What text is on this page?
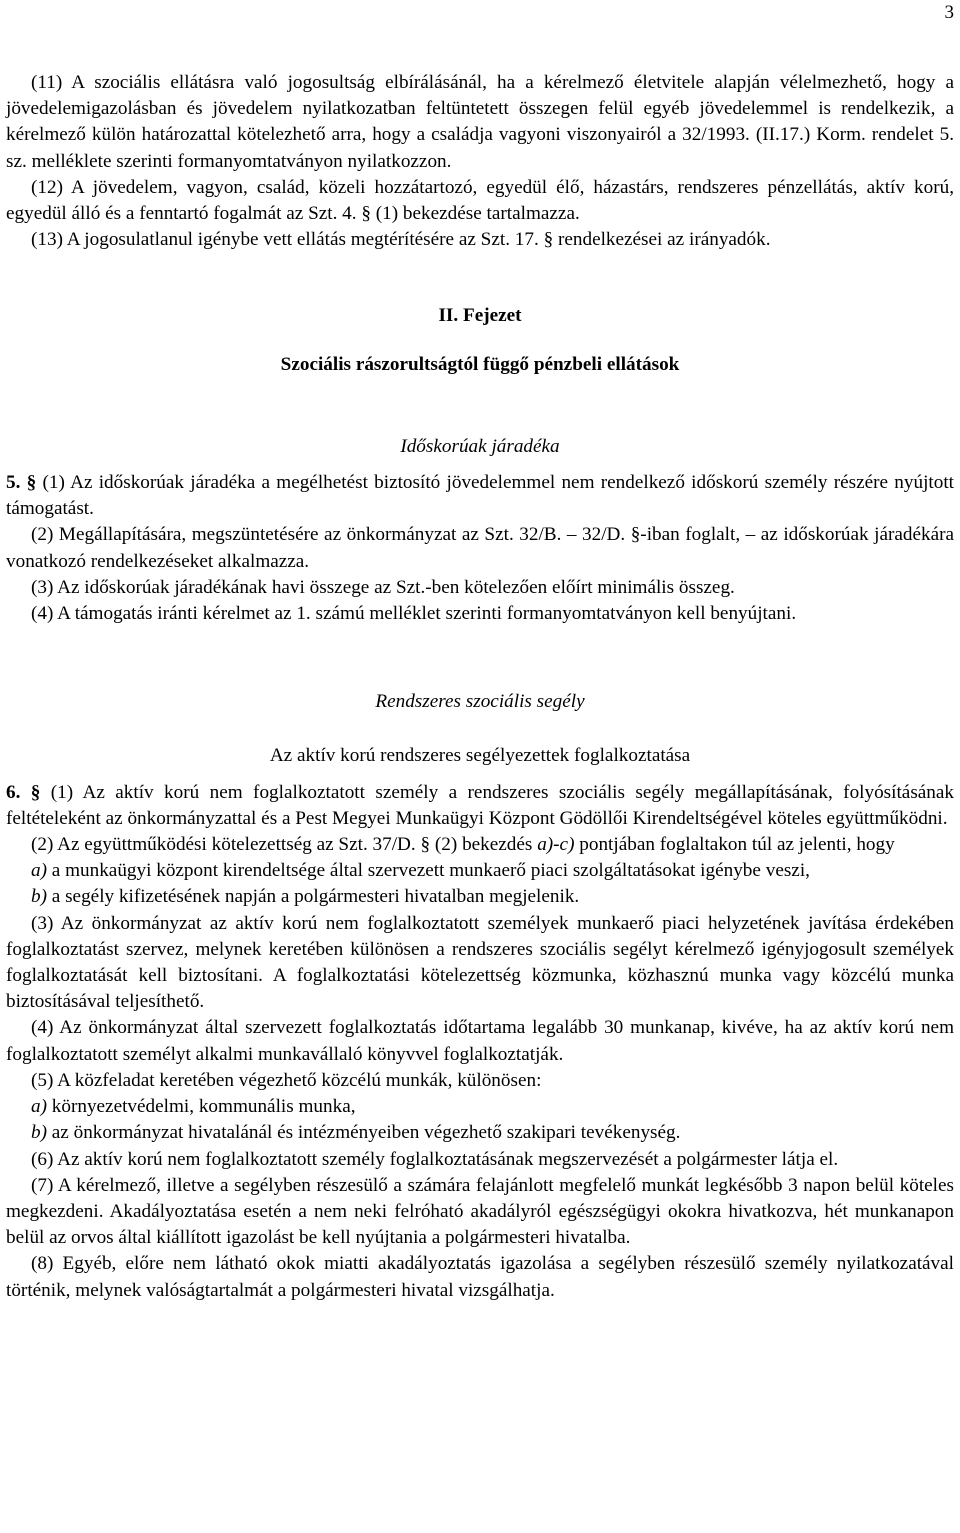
3

(11) A szociális ellátásra való jogosultság elbírálásánál, ha a kérelmező életvitele alapján vélelmezhető, hogy a jövedelemigazolásban és jövedelem nyilatkozatban feltüntetett összegen felül egyéb jövedelemmel is rendelkezik, a kérelmező külön határozattal kötelezhető arra, hogy a családja vagyoni viszonyairól a 32/1993. (II.17.) Korm. rendelet 5. sz. melléklete szerinti formanyomtatványon nyilatkozzon.

(12) A jövedelem, vagyon, család, közeli hozzátartozó, egyedül élő, házastárs, rendszeres pénzellátás, aktív korú, egyedül álló és a fenntartó fogalmát az Szt. 4. § (1) bekezdése tartalmazza.

(13) A jogosulatlanul igénybe vett ellátás megtérítésére az Szt. 17. § rendelkezései az irányadók.

II. Fejezet

Szociális rászorultságtól függő pénzbeli ellátások

Időskorúak járadéka

5. § (1) Az időskorúak járadéka a megélhetést biztosító jövedelemmel nem rendelkező időskorú személy részére nyújtott támogatást.

(2) Megállapítására, megszüntetésére az önkormányzat az Szt. 32/B. – 32/D. §-iban foglalt, – az időskorúak járadékára vonatkozó rendelkezéseket alkalmazza.

(3) Az időskorúak járadékának havi összege az Szt.-ben kötelezően előírt minimális összeg.

(4) A támogatás iránti kérelmet az 1. számú melléklet szerinti formanyomtatványon kell benyújtani.

Rendszeres szociális segély

Az aktív korú rendszeres segélyezettek foglalkoztatása

6. § (1) Az aktív korú nem foglalkoztatott személy a rendszeres szociális segély megállapításának, folyósításának feltételeként az önkormányzattal és a Pest Megyei Munkaügyi Központ Gödöllői Kirendeltségével köteles együttműködni.

(2) Az együttműködési kötelezettség az Szt. 37/D. § (2) bekezdés a)-c) pontjában foglaltakon túl az jelenti, hogy

a) a munkaügyi központ kirendeltsége által szervezett munkaerő piaci szolgáltatásokat igénybe veszi,

b) a segély kifizetésének napján a polgármesteri hivatalban megjelenik.

(3) Az önkormányzat az aktív korú nem foglalkoztatott személyek munkaerő piaci helyzetének javítása érdekében foglalkoztatást szervez, melynek keretében különösen a rendszeres szociális segélyt kérelmező igényjogosult személyek foglalkoztatását kell biztosítani. A foglalkoztatási kötelezettség közmunka, közhasznú munka vagy közcélú munka biztosításával teljesíthető.

(4) Az önkormányzat által szervezett foglalkoztatás időtartama legalább 30 munkanap, kivéve, ha az aktív korú nem foglalkoztatott személyt alkalmi munkavállaló könyvvel foglalkoztatják.

(5) A közfeladat keretében végezhető közcélú munkák, különösen:

a) környezetvédelmi, kommunális munka,

b) az önkormányzat hivatalánál és intézményeiben végezhető szakipari tevékenység.

(6) Az aktív korú nem foglalkoztatott személy foglalkoztatásának megszervezését a polgármester látja el.

(7) A kérelmező, illetve a segélyben részesülő a számára felajánlott megfelelő munkát legkésőbb 3 napon belül köteles megkezdeni. Akadályoztatása esetén a nem neki felróható akadályról egészségügyi okokra hivatkozva, hét munkanapon belül az orvos által kiállított igazolást be kell nyújtania a polgármesteri hivatalba.

(8) Egyéb, előre nem látható okok miatti akadályoztatás igazolása a segélyben részesülő személy nyilatkozatával történik, melynek valóságtartalmát a polgármesteri hivatal vizsgálhatja.
